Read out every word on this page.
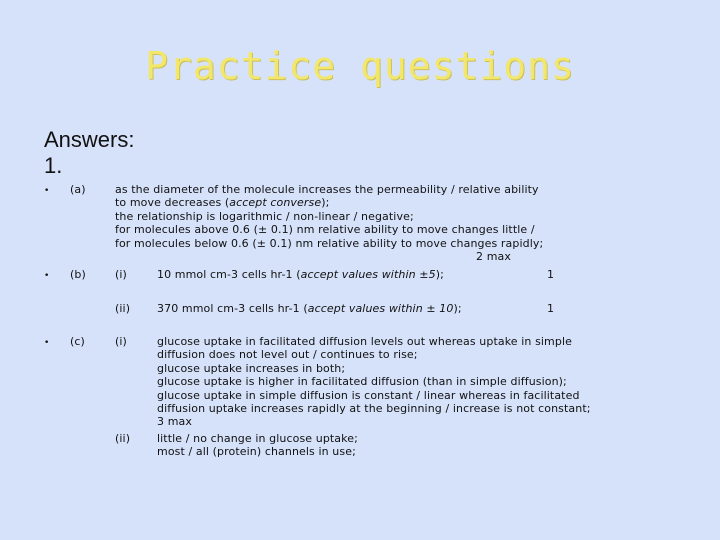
Practice questions
Answers:
1.
• (a)	as the diameter of the molecule increases the permeability / relative ability
to move decreases (accept converse);
the relationship is logarithmic / non-linear / negative;
for molecules above 0.6 (± 0.1) nm relative ability to move changes little /
for molecules below 0.6 (± 0.1) nm relative ability to move changes rapidly;
2 max
• (b)	(i)	10 mmol cm-3 cells hr-1 (accept values within ±5);	1
(ii) 370 mmol cm-3 cells hr-1 (accept values within ± 10);	1
• (c)	(i)	glucose uptake in facilitated diffusion levels out whereas uptake in simple
diffusion does not level out / continues to rise;
glucose uptake increases in both;
glucose uptake is higher in facilitated diffusion (than in simple diffusion);
glucose uptake in simple diffusion is constant / linear whereas in facilitated
diffusion uptake increases rapidly at the beginning / increase is not constant;
3 max
(ii) little / no change in glucose uptake;
most / all (protein) channels in use;
